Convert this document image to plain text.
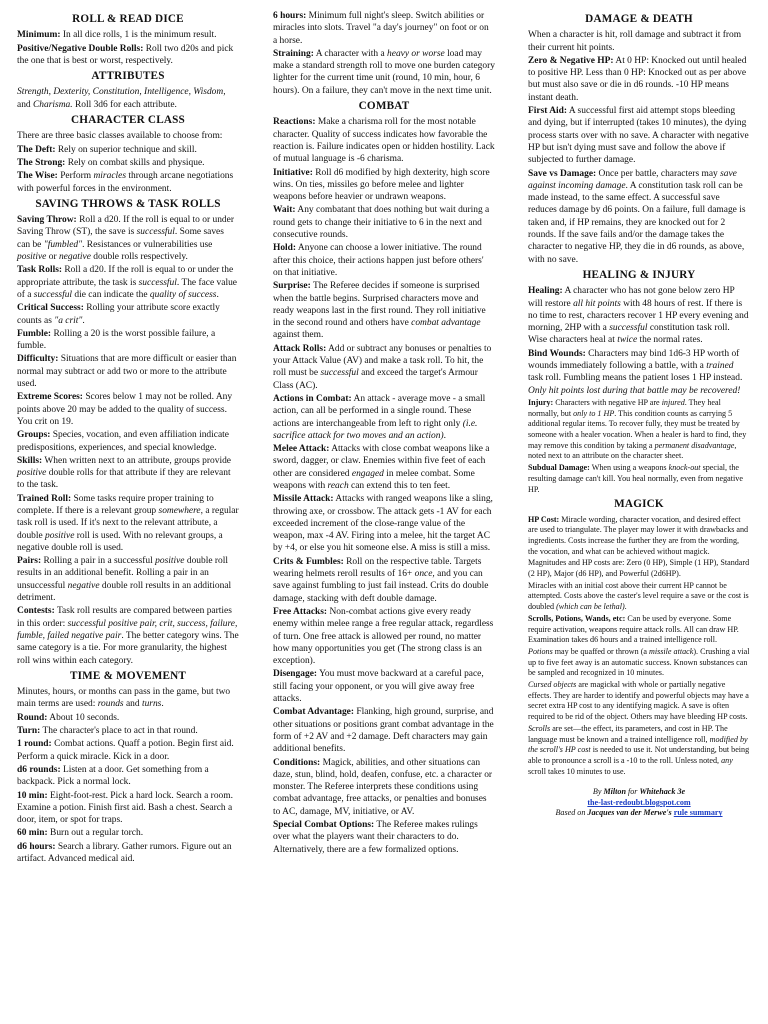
ROLL & READ DICE

Minimum: In all dice rolls, 1 is the minimum result.

Positive/Negative Double Rolls: Roll two d20s and pick the one that is best or worst, respectively.

ATTRIBUTES

Strength, Dexterity, Constitution, Intelligence, Wisdom, and Charisma. Roll 3d6 for each attribute.

CHARACTER CLASS

There are three basic classes available to choose from:

The Deft: Rely on superior technique and skill.

The Strong: Rely on combat skills and physique.

The Wise: Perform miracles through arcane negotiations with powerful forces in the environment.

SAVING THROWS & TASK ROLLS

Saving Throw: Roll a d20. If the roll is equal to or under Saving Throw (ST), the save is successful. Some saves can be "fumbled". Resistances or vulnerabilities use positive or negative double rolls respectively.

Task Rolls: Roll a d20. If the roll is equal to or under the appropriate attribute, the task is successful. The face value of a successful die can indicate the quality of success.

Critical Success: Rolling your attribute score exactly counts as "a crit".

Fumble: Rolling a 20 is the worst possible failure, a fumble.

Difficulty: Situations that are more difficult or easier than normal may subtract or add two or more to the attribute used.

Extreme Scores: Scores below 1 may not be rolled. Any points above 20 may be added to the quality of success. You crit on 19.

Groups: Species, vocation, and even affiliation indicate predispositions, experiences, and special knowledge.

Skills: When written next to an attribute, groups provide positive double rolls for that attribute if they are relevant to the task.

Trained Roll: Some tasks require proper training to complete. If there is a relevant group somewhere, a regular task roll is used. If it's next to the relevant attribute, a double positive roll is used. With no relevant groups, a negative double roll is used.

Pairs: Rolling a pair in a successful positive double roll results in an additional benefit. Rolling a pair in an unsuccessful negative double roll results in an additional detriment.

Contests: Task roll results are compared between parties in this order: successful positive pair, crit, success, failure, fumble, failed negative pair. The better category wins. The same category is a tie. For more granularity, the highest roll wins within each category.

TIME & MOVEMENT

Minutes, hours, or months can pass in the game, but two main terms are used: rounds and turns.

Round: About 10 seconds.

Turn: The character's place to act in that round.

1 round: Combat actions. Quaff a potion. Begin first aid. Perform a quick miracle. Kick in a door.

d6 rounds: Listen at a door. Get something from a backpack. Pick a normal lock.

10 min: Eight-foot-rest. Pick a hard lock. Search a room. Examine a potion. Finish first aid. Bash a chest. Search a door, item, or spot for traps.

60 min: Burn out a regular torch.

d6 hours: Search a library. Gather rumors. Figure out an artifact. Advanced medical aid.

6 hours: Minimum full night's sleep. Switch abilities or miracles into slots. Travel "a day's journey" on foot or on a horse.

Straining: A character with a heavy or worse load may make a standard strength roll to move one burden category lighter for the current time unit (round, 10 min, hour, 6 hours). On a failure, they can't move in the next time unit.

COMBAT

Reactions: Make a charisma roll for the most notable character. Quality of success indicates how favorable the reaction is. Failure indicates open or hidden hostility. Lack of mutual language is -6 charisma.

Initiative: Roll d6 modified by high dexterity, high score wins. On ties, missiles go before melee and lighter weapons before heavier or undrawn weapons.

Wait: Any combatant that does nothing but wait during a round gets to change their initiative to 6 in the next and consecutive rounds.

Hold: Anyone can choose a lower initiative. The round after this choice, their actions happen just before others' on that initiative.

Surprise: The Referee decides if someone is surprised when the battle begins. Surprised characters move and ready weapons last in the first round. They roll initiative in the second round and others have combat advantage against them.

Attack Rolls: Add or subtract any bonuses or penalties to your Attack Value (AV) and make a task roll. To hit, the roll must be successful and exceed the target's Armour Class (AC).

Actions in Combat: An attack - average move - a small action, can all be performed in a single round. These actions are interchangeable from left to right only (i.e. sacrifice attack for two moves and an action).

Melee Attack: Attacks with close combat weapons like a sword, dagger, or claw. Enemies within five feet of each other are considered engaged in melee combat. Some weapons with reach can extend this to ten feet.

Missile Attack: Attacks with ranged weapons like a sling, throwing axe, or crossbow. The attack gets -1 AV for each exceeded increment of the close-range value of the weapon, max -4 AV. Firing into a melee, hit the target AC by +4, or else you hit someone else. A miss is still a miss.

Crits & Fumbles: Roll on the respective table. Targets wearing helmets reroll results of 16+ once, and you can save against fumbling to just fail instead. Crits do double damage, stacking with deft double damage.

Free Attacks: Non-combat actions give every ready enemy within melee range a free regular attack, regardless of turn. One free attack is allowed per round, no matter how many opportunities you get (The strong class is an exception).

Disengage: You must move backward at a careful pace, still facing your opponent, or you will give away free attacks.

Combat Advantage: Flanking, high ground, surprise, and other situations or positions grant combat advantage in the form of +2 AV and +2 damage. Deft characters may gain additional benefits.

Conditions: Magick, abilities, and other situations can daze, stun, blind, hold, deafen, confuse, etc. a character or monster. The Referee interprets these conditions using combat advantage, free attacks, or penalties and bonuses to AC, damage, MV, initiative, or AV.

Special Combat Options: The Referee makes rulings over what the players want their characters to do. Alternatively, there are a few formalized options.

DAMAGE & DEATH

When a character is hit, roll damage and subtract it from their current hit points.

Zero & Negative HP: At 0 HP: Knocked out until healed to positive HP. Less than 0 HP: Knocked out as per above but must also save or die in d6 rounds. -10 HP means instant death.

First Aid: A successful first aid attempt stops bleeding and dying, but if interrupted (takes 10 minutes), the dying process starts over with no save. A character with negative HP but isn't dying must save and follow the above if subjected to further damage.

Save vs Damage: Once per battle, characters may save against incoming damage. A constitution task roll can be made instead, to the same effect. A successful save reduces damage by d6 points. On a failure, full damage is taken and, if HP remains, they are knocked out for 2 rounds. If the save fails and/or the damage takes the character to negative HP, they die in d6 rounds, as above, with no save.

HEALING & INJURY

Healing: A character who has not gone below zero HP will restore all hit points with 48 hours of rest. If there is no time to rest, characters recover 1 HP every evening and morning, 2HP with a successful constitution task roll. Wise characters heal at twice the normal rates.

Bind Wounds: Characters may bind 1d6-3 HP worth of wounds immediately following a battle, with a trained task roll. Fumbling means the patient loses 1 HP instead. Only hit points lost during that battle may be recovered!

Injury: Characters with negative HP are injured. They heal normally, but only to 1 HP. This condition counts as carrying 5 additional regular items. To recover fully, they must be treated by someone with a healer vocation. When a healer is hard to find, they may remove this condition by taking a permanent disadvantage, noted next to an attribute on the character sheet.

Subdual Damage: When using a weapons knock-out special, the resulting damage can't kill. You heal normally, even from negative HP.

MAGICK

HP Cost: Miracle wording, character vocation, and desired effect are used to triangulate. The player may lower it with drawbacks and ingredients. Costs increase the further they are from the wording, the vocation, and what can be achieved without magick.

Magnitudes and HP costs are: Zero (0 HP), Simple (1 HP), Standard (2 HP), Major (d6 HP), and Powerful (2d6HP).

Miracles with an initial cost above their current HP cannot be attempted. Costs above the caster's level require a save or the cost is doubled (which can be lethal).

Scrolls, Potions, Wands, etc: Can be used by everyone. Some require activation, weapons require attack rolls. All can draw HP. Examination takes d6 hours and a trained intelligence roll.

Potions may be quaffed or thrown (a missile attack). Crushing a vial up to five feet away is an automatic success. Known substances can be sampled and recognized in 10 minutes.

Cursed objects are magickal with whole or partially negative effects. They are harder to identify and powerful objects may have a secret extra HP cost to any identifying magick. A save is often required to be rid of the object. Others may have bleeding HP costs.

Scrolls are set—the effect, its parameters, and cost in HP. The language must be known and a trained intelligence roll, modified by the scroll's HP cost is needed to use it. Not understanding, but being able to pronounce a scroll is a -10 to the roll. Unless noted, any scroll takes 10 minutes to use.

By Milton for Whitehack 3e
the-last-redoubt.blogspot.com
Based on Jacques van der Merwe's rule summary
